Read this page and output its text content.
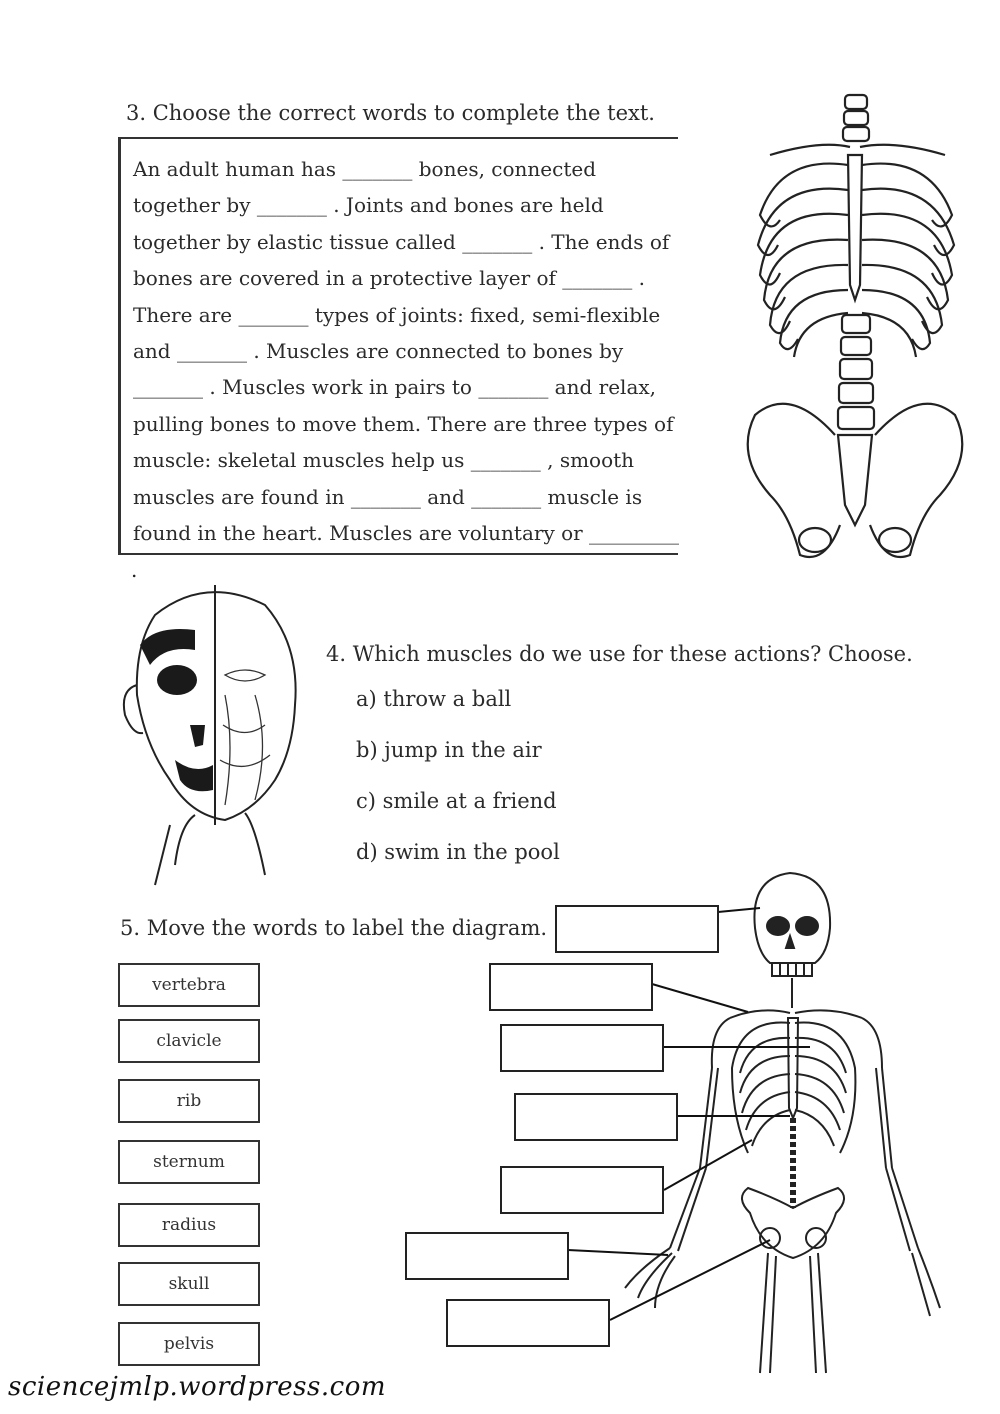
3. Choose the correct words to complete the text.
An adult human has _______ bones, connected
together by _______ . Joints and bones are held
together by elastic tissue called _______ . The ends of
bones are covered in a protective layer of _______ .
There are _______ types of joints: fixed, semi-flexible
and _______ . Muscles are connected to bones by
_______ . Muscles work in pairs to _______ and relax,
pulling bones to move them. There are three types of
muscle: skeletal muscles help us _______ , smooth
muscles are found in _______ and _______ muscle is
found in the heart. Muscles are voluntary or _________
.
4. Which muscles do we use for these actions? Choose.
a) throw a ball
b) jump in the air
c) smile at a friend
d) swim in the pool
5. Move the words to label the diagram.
vertebra
clavicle
rib
sternum
radius
skull
pelvis
sciencejmlp.wordpress.com
